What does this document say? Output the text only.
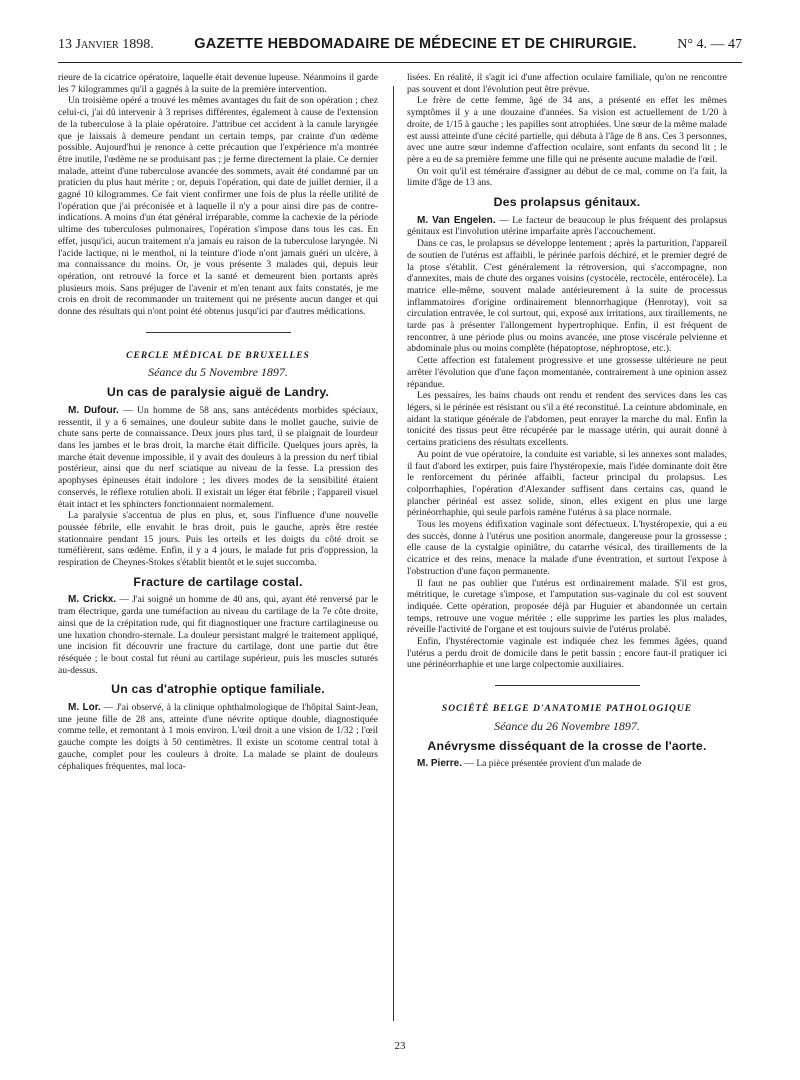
13 Janvier 1898.	GAZETTE HEBDOMADAIRE DE MÉDECINE ET DE CHIRURGIE.	N° 4. — 47

rieure de la cicatrice opératoire, laquelle était devenue lupeuse. Néanmoins il garde les 7 kilogrammes qu'il a gagnés à la suite de la première intervention.

Un troisième opéré a trouvé les mêmes avantages du fait de son opération ; chez celui-ci, j'ai dû intervenir à 3 reprises différentes, également à cause de l'extension de la tuberculose à la plaie opératoire. J'attribue cet accident à la canule laryngée que je laissais à demeure pendant un certain temps, par crainte d'un œdème possible. Aujourd'hui je renonce à cette précaution que l'expérience m'a montrée être inutile, l'œdème ne se produisant pas ; je ferme directement la plaie. Ce dernier malade, atteint d'une tuberculose avancée des sommets, avait été condamné par un praticien du plus haut mérite ; or, depuis l'opération, qui date de juillet dernier, il a gagné 10 kilogrammes. Ce fait vient confirmer une fois de plus la réelle utilité de l'opération que j'ai préconisée et à laquelle il n'y a pour ainsi dire pas de contre-indications. A moins d'un état général irréparable, comme la cachexie de la période ultime des tuberculoses pulmonaires, l'opération s'impose dans tous les cas. En effet, jusqu'ici, aucun traitement n'a jamais eu raison de la tuberculose laryngée. Ni l'acide lactique, ni le menthol, ni la teinture d'iode n'ont jamais guéri un ulcère, à ma connaissance du moins. Or, je vous présente 3 malades qui, depuis leur opération, ont retrouvé la force et la santé et demeurent bien portants après plusieurs mois. Sans préjuger de l'avenir et m'en tenant aux faits constatés, je me crois en droit de recommander un traitement qui ne présente aucun danger et qui donne des résultats qui n'ont point été obtenus jusqu'ici par d'autres médications.

CERCLE MÉDICAL DE BRUXELLES
Séance du 5 Novembre 1897.
Un cas de paralysie aiguë de Landry.

M. Dufour. — Un homme de 58 ans, sans antécédents morbides spéciaux, ressentit, il y a 6 semaines, une douleur subite dans le mollet gauche, suivie de chute sans perte de connaissance. Deux jours plus tard, il se plaignait de lourdeur dans les jambes et le bras droit, la marche était difficile. Quelques jours après, la marche était devenue impossible, il y avait des douleurs à la pression du nerf tibial postérieur, ainsi que du nerf sciatique au niveau de la fesse. La pression des apophyses épineuses était indolore ; les divers modes de la sensibilité étaient conservés, le réflexe rotulien aboli. Il existait un léger état fébrile ; l'appareil visuel était intact et les sphincters fonctionnaient normalement.

La paralysie s'accentua de plus en plus, et, sous l'influence d'une nouvelle poussée fébrile, elle envahit le bras droit, puis le gauche, après être restée stationnaire pendant 15 jours. Puis les orteils et les doigts du côté droit se tuméfièrent, sans œdème. Enfin, il y a 4 jours, le malade fut pris d'oppression, la respiration de Cheynes-Stokes s'établit bientôt et le sujet succomba.

Fracture de cartilage costal.

M. Crickx. — J'ai soigné un homme de 40 ans, qui, ayant été renversé par le tram électrique, garda une tuméfaction au niveau du cartilage de la 7e côte droite, ainsi que de la crépitation rude, qui fit diagnostiquer une fracture cartilagineuse ou une luxation chondro-sternale. La douleur persistant malgré le traitement appliqué, une incision fit découvrir une fracture du cartilage, dont une partie dut être réséquée ; le bout costal fut réuni au cartilage supérieur, puis les muscles suturés au-dessus.

Un cas d'atrophie optique familiale.

M. Lor. — J'ai observé, à la clinique ophthalmologique de l'hôpital Saint-Jean, une jeune fille de 28 ans, atteinte d'une névrite optique double, diagnostiquée comme telle, et remontant à 1 mois environ. L'œil droit a une vision de 1/32 ; l'œil gauche compte les doigts à 50 centimètres. Il existe un scotome central total à gauche, complet pour les couleurs à droite. La malade se plaint de douleurs céphaliques fréquentes, mal loca-

lisées. En réalité, il s'agit ici d'une affection oculaire familiale, qu'on ne rencontre pas souvent et dont l'évolution peut être prévue.

Le frère de cette femme, âgé de 34 ans, a présenté en effet les mêmes symptômes il y a une douzaine d'années. Sa vision est actuellement de 1/20 à droite, de 1/15 à gauche ; les papilles sont atrophiées. Une sœur de la même malade est aussi atteinte d'une cécité partielle, qui débuta à l'âge de 8 ans. Ces 3 personnes, avec une autre sœur indemne d'affection oculaire, sont enfants du second lit ; le père a eu de sa première femme une fille qui ne présente aucune maladie de l'œil.

On voit qu'il est téméraire d'assigner au début de ce mal, comme on l'a fait, la limite d'âge de 13 ans.

Des prolapsus génitaux.

M. Van Engelen. — Le facteur de beaucoup le plus fréquent des prolapsus génitaux est l'involution utérine imparfaite après l'accouchement.

Dans ce cas, le prolapsus se développe lentement ; après la parturition, l'appareil de soutien de l'utérus est affaibli, le périnée parfois déchiré, et le premier degré de la ptose s'établit. C'est généralement la rétroversion, qui s'accompagne, non d'annexites, mais de chute des organes voisins (cystocèle, rectocèle, entérocèle). La matrice elle-même, souvent malade antérieurement à la suite de processus inflammatoires d'origine ordinairement blennorrhagique (Henrotay), voit sa circulation entravée, le col surtout, qui, exposé aux irritations, aux tiraillements, ne tarde pas à présenter l'allongement hypertrophique. Enfin, il est fréquent de rencontrer, à une période plus ou moins avancée, une ptose viscérale pelvienne et abdominale plus ou moins complète (hépatoptose, néphroptose, etc.).

Cette affection est fatalement progressive et une grossesse ultérieure ne peut arrêter l'évolution que d'une façon momentanée, contrairement à une opinion assez répandue.

Les pessaires, les bains chauds ont rendu et rendent des services dans les cas légers, si le périnée est résistant ou s'il a été reconstitué. La ceinture abdominale, en aidant la statique générale de l'abdomen, peut enrayer la marche du mal. Enfin la tonicité des tissus peut être récupérée par le massage utérin, qui aurait donné à certains praticiens des résultats excellents.

Au point de vue opératoire, la conduite est variable, si les annexes sont malades, il faut d'abord les extirper, puis faire l'hystéropexie, mais l'idée dominante doit être le renforcement du périnée affaibli, facteur principal du prolapsus. Les colporrhaphies, l'opération d'Alexander suffisent dans certains cas, quand le plancher périnéal est assez solide, sinon, elles exigent en plus une large périnéorrhaphie, qui seule parfois ramène l'utérus à sa place normale.

Tous les moyens édifixation vaginale sont défectueux. L'hystéropexie, qui a eu des succès, donne à l'utérus une position anormale, dangereuse pour la grossesse ; elle cause de la cystalgie opiniâtre, du catarrhe vésical, des tiraillements de la cicatrice et des reins, menace la malade d'une éventration, et surtout l'expose à l'obstruction d'une façon permanente.

Il faut ne pas oublier que l'utérus est ordinairement malade. S'il est gros, métritique, le curetage s'impose, et l'amputation sus-vaginale du col est souvent indiquée. Cette opération, proposée déjà par Huguier et abandonnée un certain temps, retrouve une vogue méritée ; elle supprime les parties les plus malades, réveille l'activité de l'organe et est toujours suivie de l'utérus prolabé.

Enfin, l'hystérectomie vaginale est indiquée chez les femmes âgées, quand l'utérus a perdu droit de domicile dans le petit bassin ; encore faut-il pratiquer ici une périnéorrhaphie et une large colpectomie auxiliaires.

SOCIÉTÉ BELGE D'ANATOMIE PATHOLOGIQUE
Séance du 26 Novembre 1897.
Anévrysme disséquant de la crosse de l'aorte.

M. Pierre. — La pièce présentée provient d'un malade de

23
